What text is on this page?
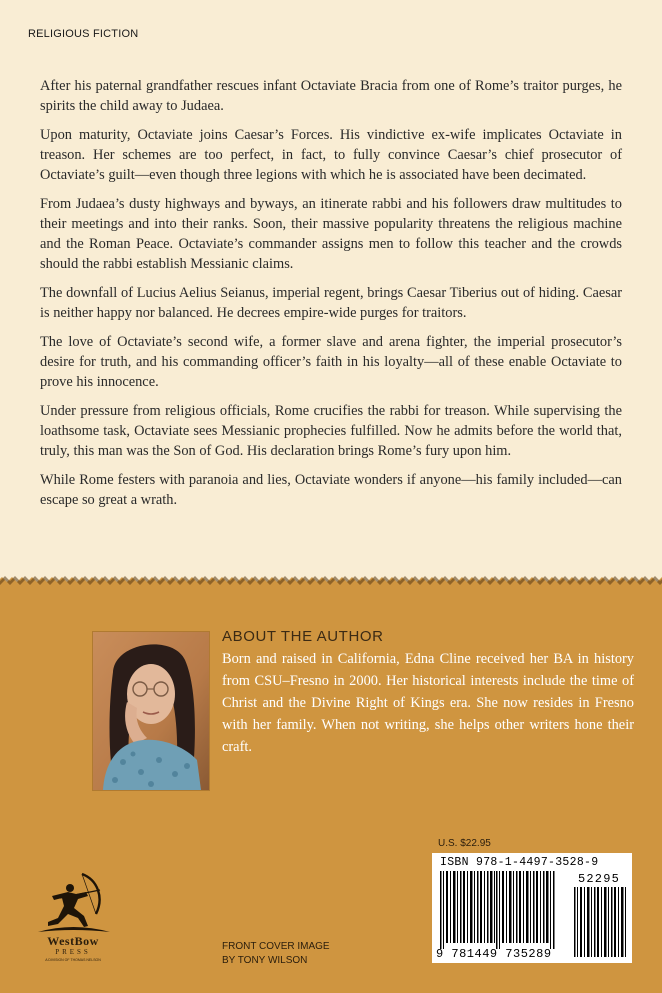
RELIGIOUS FICTION

After his paternal grandfather rescues infant Octaviate Bracia from one of Rome’s traitor purges, he spirits the child away to Judaea.

Upon maturity, Octaviate joins Caesar’s Forces. His vindictive ex-wife implicates Octaviate in treason. Her schemes are too perfect, in fact, to fully convince Caesar’s chief prosecutor of Octaviate’s guilt—even though three legions with which he is associated have been decimated.

From Judaea’s dusty highways and byways, an itinerate rabbi and his followers draw multitudes to their meetings and into their ranks. Soon, their massive popularity threatens the religious machine and the Roman Peace. Octaviate’s commander assigns men to follow this teacher and the crowds should the rabbi establish Messianic claims.

The downfall of Lucius Aelius Seianus, imperial regent, brings Caesar Tiberius out of hiding. Caesar is neither happy nor balanced. He decrees empire-wide purges for traitors.

The love of Octaviate’s second wife, a former slave and arena fighter, the imperial prosecutor’s desire for truth, and his commanding officer’s faith in his loyalty—all of these enable Octaviate to prove his innocence.

Under pressure from religious officials, Rome crucifies the rabbi for treason. While supervising the loathsome task, Octaviate sees Messianic prophecies fulfilled. Now he admits before the world that, truly, this man was the Son of God. His declaration brings Rome’s fury upon him.

While Rome festers with paranoia and lies, Octaviate wonders if anyone—his family included—can escape so great a wrath.

ABOUT THE AUTHOR

Born and raised in California, Edna Cline received her BA in history from CSU–Fresno in 2000. Her historical interests include the time of Christ and the Divine Right of Kings era. She now resides in Fresno with her family. When not writing, she helps other writers hone their craft.

WestBow
PRESS
A DIVISION OF THOMAS NELSON
FRONT COVER IMAGE
BY TONY WILSON
U.S. $22.95
ISBN 978-1-4497-3528-9
52295
9 781449 735289
